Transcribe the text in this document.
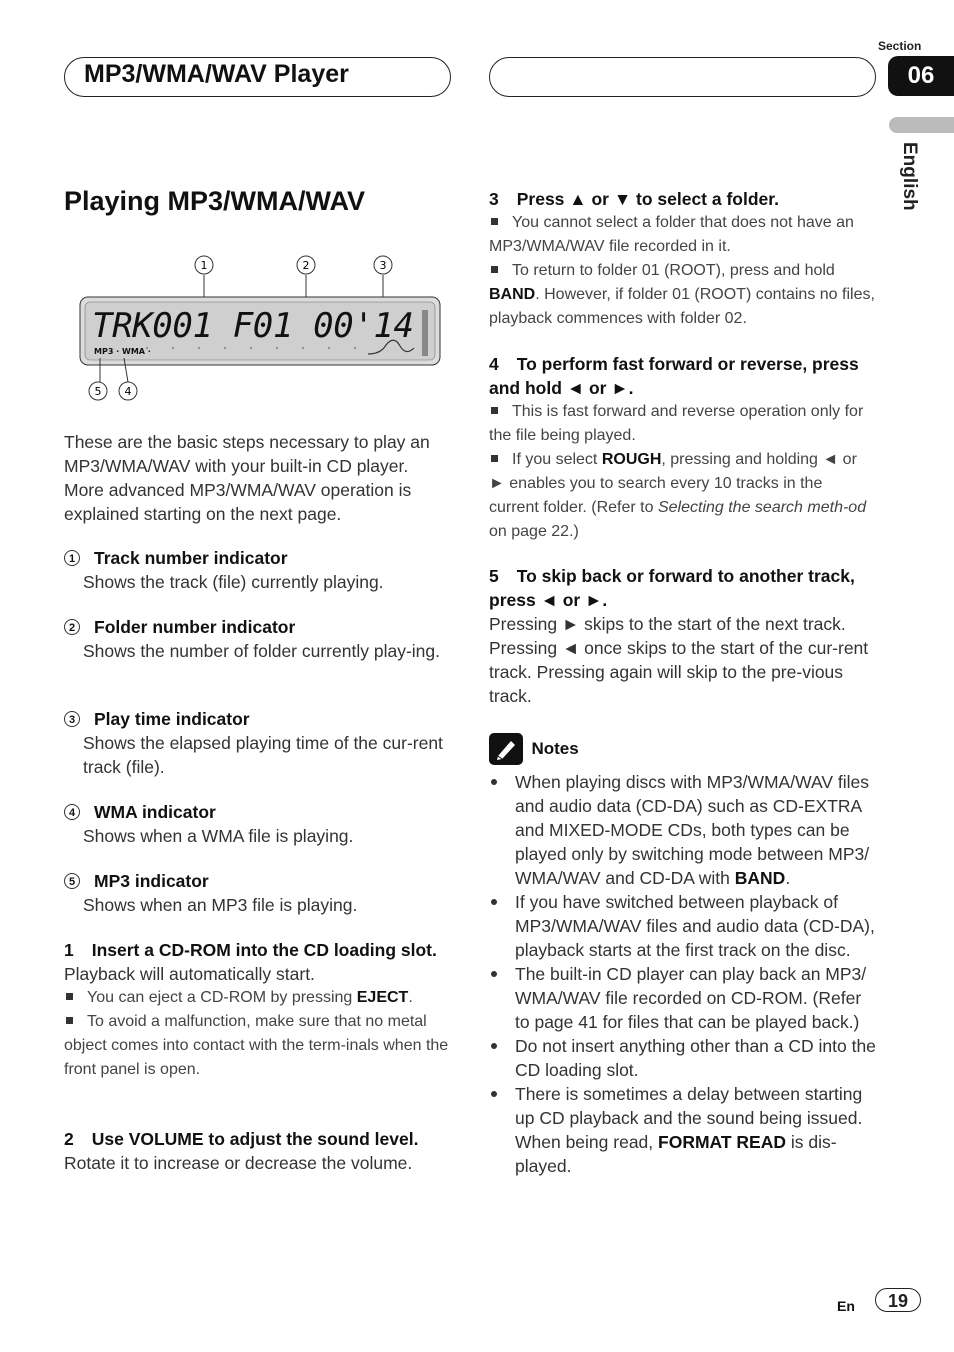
MP3/WMA/WAV Player
Section
06
English
Playing MP3/WMA/WAV
1	2	3
TRK001 F01 00'14
MP3 · WMA ·
5 4
These are the basic steps necessary to play an MP3/WMA/WAV with your built-in CD player. More advanced MP3/WMA/WAV operation is explained starting on the next page.
1 Track number indicator
Shows the track (file) currently playing.
2 Folder number indicator
Shows the number of folder currently play-ing.
3 Play time indicator
Shows the elapsed playing time of the cur-rent track (file).
4 WMA indicator
Shows when a WMA file is playing.
5 MP3 indicator
Shows when an MP3 file is playing.
1 Insert a CD-ROM into the CD loading slot.
Playback will automatically start.
You can eject a CD-ROM by pressing EJECT.
To avoid a malfunction, make sure that no metal object comes into contact with the term-inals when the front panel is open.
2 Use VOLUME to adjust the sound level.
Rotate it to increase or decrease the volume.
3 Press ▲ or ▼ to select a folder.
You cannot select a folder that does not have an MP3/WMA/WAV file recorded in it.
To return to folder 01 (ROOT), press and hold BAND. However, if folder 01 (ROOT) contains no files, playback commences with folder 02.
4 To perform fast forward or reverse, press and hold ◄ or ►.
This is fast forward and reverse operation only for the file being played.
If you select ROUGH, pressing and holding ◄ or ► enables you to search every 10 tracks in the current folder. (Refer to Selecting the search meth-od on page 22.)
5 To skip back or forward to another track, press ◄ or ►.
Pressing ► skips to the start of the next track. Pressing ◄ once skips to the start of the cur-rent track. Pressing again will skip to the pre-vious track.
Notes
When playing discs with MP3/WMA/WAV files and audio data (CD-DA) such as CD-EXTRA and MIXED-MODE CDs, both types can be played only by switching mode between MP3/ WMA/WAV and CD-DA with BAND.
If you have switched between playback of MP3/WMA/WAV files and audio data (CD-DA), playback starts at the first track on the disc.
The built-in CD player can play back an MP3/ WMA/WAV file recorded on CD-ROM. (Refer to page 41 for files that can be played back.)
Do not insert anything other than a CD into the CD loading slot.
There is sometimes a delay between starting up CD playback and the sound being issued. When being read, FORMAT READ is dis-played.
En	19
